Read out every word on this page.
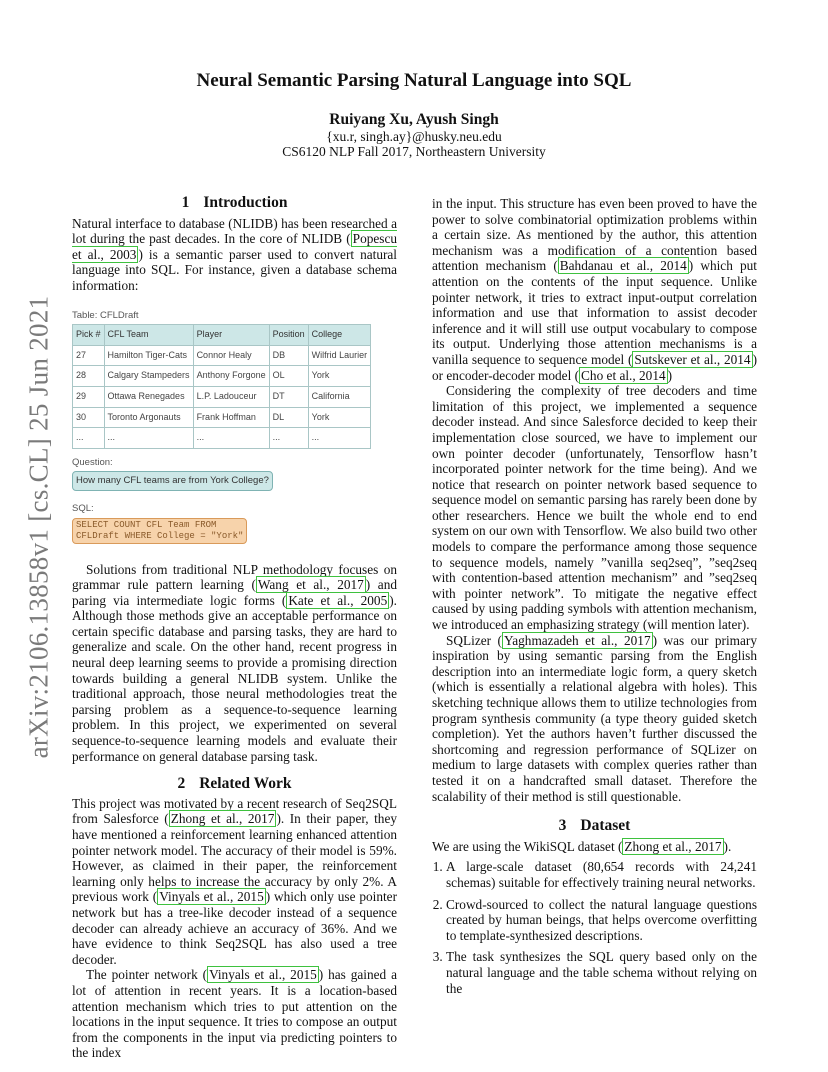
arXiv:2106.13858v1 [cs.CL] 25 Jun 2021
Neural Semantic Parsing Natural Language into SQL
Ruiyang Xu, Ayush Singh
{xu.r, singh.ay}@husky.neu.edu
CS6120 NLP Fall 2017, Northeastern University
1 Introduction

Natural interface to database (NLIDB) has been researched a lot during the past decades. In the core of NLIDB ( Popescu et al., 2003 ) is a semantic parser used to convert natural language into SQL. For instance, given a database schema information:

Table: CFLDraft
Pick #	CFL Team	Player	Position	College
27	Hamilton Tiger-Cats	Connor Healy	DB	Wilfrid Laurier
28	Calgary Stampeders	Anthony Forgone	OL	York
29	Ottawa Renegades	L.P. Ladouceur	DT	California
30	Toronto Argonauts	Frank Hoffman	DL	York
...	...	...	...	...
Question:
How many CFL teams are from York College?
SQL:
SELECT COUNT CFL Team FROM
CFLDraft WHERE College = "York"

Solutions from traditional NLP methodology focuses on grammar rule pattern learning ( Wang et al., 2017 ) and paring via intermediate logic forms ( Kate et al., 2005 ). Although those methods give an acceptable performance on certain specific database and parsing tasks, they are hard to generalize and scale. On the other hand, recent progress in neural deep learning seems to provide a promising direction towards building a general NLIDB system. Unlike the traditional approach, those neural methodologies treat the parsing problem as a sequence-to-sequence learning problem. In this project, we experimented on several sequence-to-sequence learning models and evaluate their performance on general database parsing task.

2 Related Work

This project was motivated by a recent research of Seq2SQL from Salesforce ( Zhong et al., 2017 ). In their paper, they have mentioned a reinforcement learning enhanced attention pointer network model. The accuracy of their model is 59%. However, as claimed in their paper, the reinforcement learning only helps to increase the accuracy by only 2%. A previous work ( Vinyals et al., 2015 ) which only use pointer network but has a tree-like decoder instead of a sequence decoder can already achieve an accuracy of 36%. And we have evidence to think Seq2SQL has also used a tree decoder.

The pointer network ( Vinyals et al., 2015 ) has gained a lot of attention in recent years. It is a location-based attention mechanism which tries to put attention on the locations in the input sequence. It tries to compose an output from the components in the input via predicting pointers to the index

in the input. This structure has even been proved to have the power to solve combinatorial optimization problems within a certain size. As mentioned by the author, this attention mechanism was a modification of a contention based attention mechanism ( Bahdanau et al., 2014 ) which put attention on the contents of the input sequence. Unlike pointer network, it tries to extract input-output correlation information and use that information to assist decoder inference and it will still use output vocabulary to compose its output. Underlying those attention mechanisms is a vanilla sequence to sequence model ( Sutskever et al., 2014 ) or encoder-decoder model ( Cho et al., 2014 )

Considering the complexity of tree decoders and time limitation of this project, we implemented a sequence decoder instead. And since Salesforce decided to keep their implementation close sourced, we have to implement our own pointer decoder (unfortunately, Tensorflow hasn’t incorporated pointer network for the time being). And we notice that research on pointer network based sequence to sequence model on semantic parsing has rarely been done by other researchers. Hence we built the whole end to end system on our own with Tensorflow. We also build two other models to compare the performance among those sequence to sequence models, namely ”vanilla seq2seq”, ”seq2seq with contention-based attention mechanism” and ”seq2seq with pointer network”. To mitigate the negative effect caused by using padding symbols with attention mechanism, we introduced an emphasizing strategy (will mention later).

SQLizer ( Yaghmazadeh et al., 2017 ) was our primary inspiration by using semantic parsing from the English description into an intermediate logic form, a query sketch (which is essentially a relational algebra with holes). This sketching technique allows them to utilize technologies from program synthesis community (a type theory guided sketch completion). Yet the authors haven’t further discussed the shortcoming and regression performance of SQLizer on medium to large datasets with complex queries rather than tested it on a handcrafted small dataset. Therefore the scalability of their method is still questionable.

3 Dataset

We are using the WikiSQL dataset ( Zhong et al., 2017 ).

1. A large-scale dataset (80,654 records with 24,241 schemas) suitable for effectively training neural networks.
2. Crowd-sourced to collect the natural language questions created by human beings, that helps overcome overfitting to template-synthesized descriptions.
3. The task synthesizes the SQL query based only on the natural language and the table schema without relying on the
